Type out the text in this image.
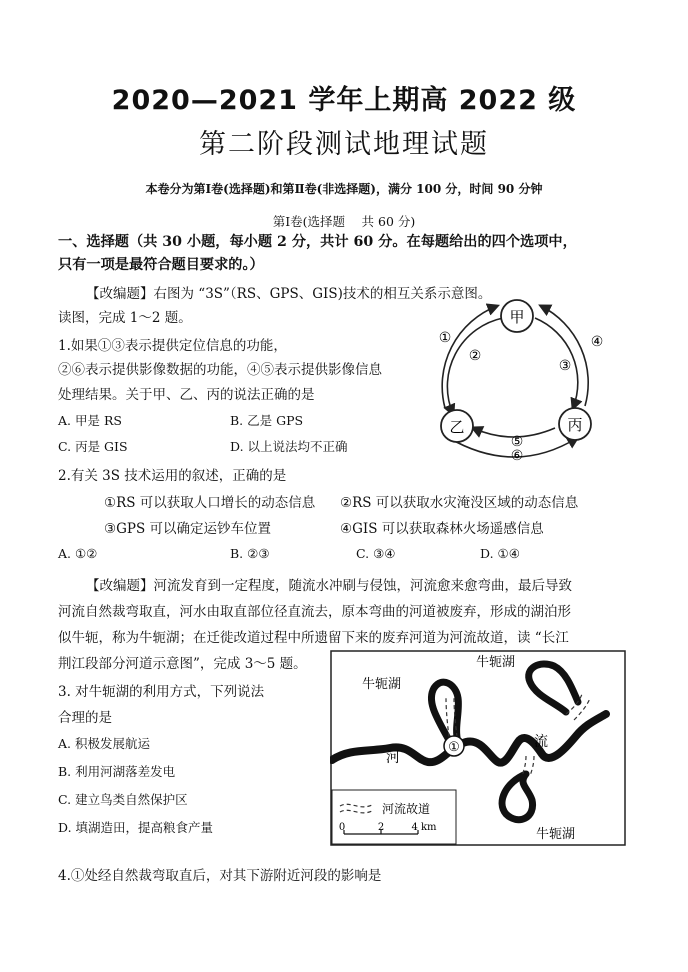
2020—2021 学年上期高 2022 级
第二阶段测试地理试题
本卷分为第Ⅰ卷(选择题)和第Ⅱ卷(非选择题)，满分 100 分，时间 90 分钟
第Ⅰ卷(选择题　 共 60 分)
一、选择题（共 30 小题，每小题 2 分，共计 60 分。在每题给出的四个选项中，
只有一项是最符合题目要求的。）
【改编题】右图为 “3S”（RS、GPS、GIS)技术的相互关系示意图。
读图，完成 1～2 题。
1.如果①③表示提供定位信息的功能，
②⑥表示提供影像数据的功能，④⑤表示提供影像信息
处理结果。关于甲、乙、丙的说法正确的是
A. 甲是 RS	B. 乙是 GPS
C. 丙是 GIS	D. 以上说法均不正确
2.有关 3S 技术运用的叙述，正确的是
①RS 可以获取人口增长的动态信息 ②RS 可以获取水灾淹没区域的动态信息
③GPS 可以确定运钞车位置	④GIS 可以获取森林火场遥感信息
A. ①②	B. ②③	C. ③④	D. ①④
甲
乙	丙
①
②
③
④
⑤
⑥
【改编题】河流发育到一定程度，随流水冲刷与侵蚀，河流愈来愈弯曲，最后导致
河流自然裁弯取直，河水由取直部位径直流去，原本弯曲的河道被废弃，形成的湖泊形
似牛轭，称为牛轭湖；在迁徙改道过程中所遗留下来的废弃河道为河流故道，读 “长江
荆江段部分河道示意图”，完成 3～5 题。
3. 对牛轭湖的利用方式，下列说法
合理的是
A. 积极发展航运
B. 利用河湖落差发电
C. 建立鸟类自然保护区
D. 填湖造田，提高粮食产量
4.①处经自然裁弯取直后，对其下游附近河段的影响是
①
牛轭湖
牛轭湖
牛轭湖
河
流
河流故道
0	2	4 km
